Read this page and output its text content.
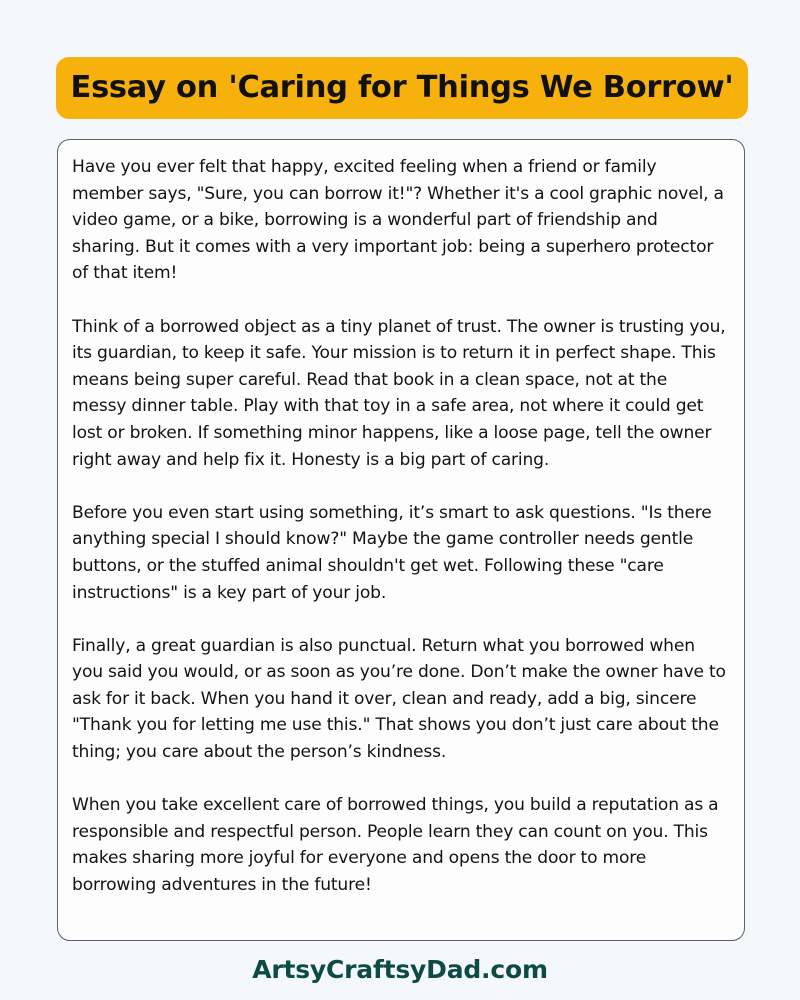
Essay on 'Caring for Things We Borrow'

Have you ever felt that happy, excited feeling when a friend or family member says, "Sure, you can borrow it!"? Whether it's a cool graphic novel, a video game, or a bike, borrowing is a wonderful part of friendship and sharing. But it comes with a very important job: being a superhero protector of that item!

Think of a borrowed object as a tiny planet of trust. The owner is trusting you, its guardian, to keep it safe. Your mission is to return it in perfect shape. This means being super careful. Read that book in a clean space, not at the messy dinner table. Play with that toy in a safe area, not where it could get lost or broken. If something minor happens, like a loose page, tell the owner right away and help fix it. Honesty is a big part of caring.

Before you even start using something, it’s smart to ask questions. "Is there anything special I should know?" Maybe the game controller needs gentle buttons, or the stuffed animal shouldn't get wet. Following these "care instructions" is a key part of your job.

Finally, a great guardian is also punctual. Return what you borrowed when you said you would, or as soon as you’re done. Don’t make the owner have to ask for it back. When you hand it over, clean and ready, add a big, sincere "Thank you for letting me use this." That shows you don’t just care about the thing; you care about the person’s kindness.

When you take excellent care of borrowed things, you build a reputation as a responsible and respectful person. People learn they can count on you. This makes sharing more joyful for everyone and opens the door to more borrowing adventures in the future!

ArtsyCraftsyDad.com
